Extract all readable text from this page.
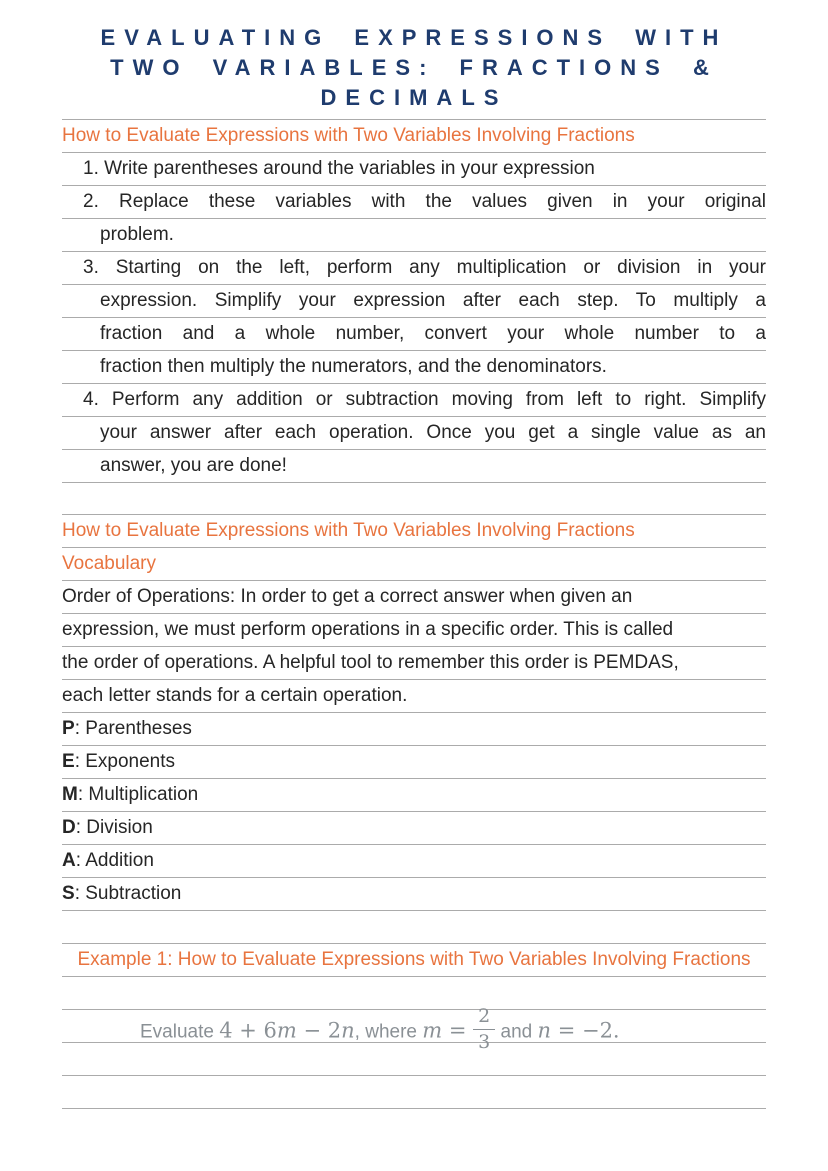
EVALUATING EXPRESSIONS WITH
TWO VARIABLES: FRACTIONS &
DECIMALS
How to Evaluate Expressions with Two Variables Involving Fractions
1. Write parentheses around the variables in your expression
2. Replace these variables with the values given in your original
problem.
3. Starting on the left, perform any multiplication or division in your
expression. Simplify your expression after each step. To multiply a
fraction and a whole number, convert your whole number to a
fraction then multiply the numerators, and the denominators.
4. Perform any addition or subtraction moving from left to right. Simplify
your answer after each operation. Once you get a single value as an
answer, you are done!
How to Evaluate Expressions with Two Variables Involving Fractions
Vocabulary
Order of Operations: In order to get a correct answer when given an
expression, we must perform operations in a specific order. This is called
the order of operations. A helpful tool to remember this order is PEMDAS,
each letter stands for a certain operation.
P: Parentheses
E: Exponents
M: Multiplication
D: Division
A: Addition
S: Subtraction
Example 1: How to Evaluate Expressions with Two Variables Involving Fractions
Evaluate 4 + 6m − 2n, where $m = \frac{2}{3}$ and n = −2.
